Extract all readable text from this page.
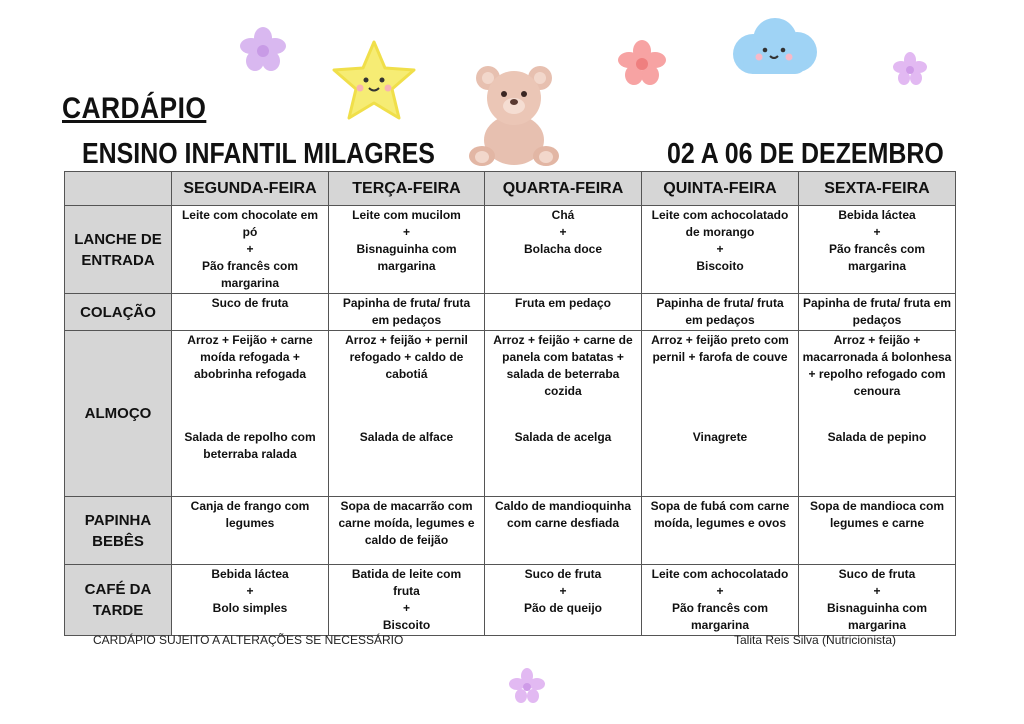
CARDÁPIO
ENSINO INFANTIL MILAGRES	02 A 06 DE DEZEMBRO
	SEGUNDA-FEIRA	TERÇA-FEIRA	QUARTA-FEIRA	QUINTA-FEIRA	SEXTA-FEIRA

LANCHE DE
ENTRADA	Leite com chocolate em
pó
+
Pão francês com
margarina	Leite com mucilom
+
Bisnaguinha com
margarina	Chá
+
Bolacha doce	Leite com achocolatado
de morango
+
Biscoito	Bebida láctea
+
Pão francês com
margarina

COLAÇÃO	Suco de fruta	Papinha de fruta/ fruta
em pedaços	Fruta em pedaço	Papinha de fruta/ fruta
em pedaços	Papinha de fruta/ fruta em
pedaços

ALMOÇO	Arroz + Feijão + carne
moída refogada +
abobrinha refogada
Salada de repolho com
beterraba ralada	Arroz + feijão + pernil
refogado + caldo de
cabotiá
Salada de alface	Arroz + feijão + carne de
panela com batatas +
salada de beterraba
cozida
Salada de acelga	Arroz + feijão preto com
pernil + farofa de couve
Vinagrete	Arroz + feijão +
macarronada á bolonhesa
+ repolho refogado com
cenoura
Salada de pepino

PAPINHA
BEBÊS	Canja de frango com
legumes	Sopa de macarrão com
carne moída, legumes e
caldo de feijão	Caldo de mandioquinha
com carne desfiada	Sopa de fubá com carne
moída, legumes e ovos	Sopa de mandioca com
legumes e carne

CAFÉ DA
TARDE	Bebida láctea
+
Bolo simples	Batida de leite com
fruta
+
Biscoito	Suco de fruta
+
Pão de queijo	Leite com achocolatado
+
Pão francês com
margarina	Suco de fruta
+
Bisnaguinha com
margarina
CARDÁPIO SUJEITO A ALTERAÇÕES SE NECESSÁRIO	Talita Reis Silva (Nutricionista)
